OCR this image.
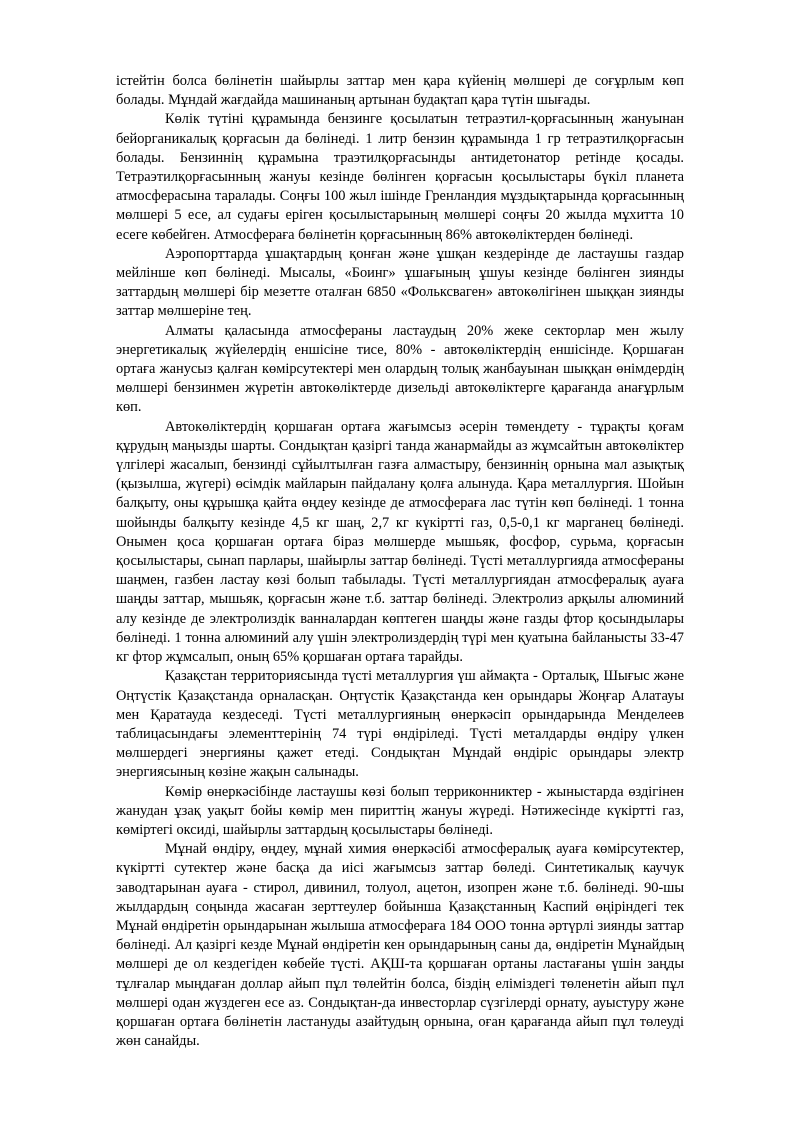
істейтін болса бөлінетін шайырлы заттар мен қара күйенің мөлшері де соғұрлым көп болады. Мұндай жағдайда машинаның артынан будақтап қара түтін шығады.

Көлік түтіні құрамында бензинге қосылатын тетраэтил-қорғасынның жануынан бейорганикалық қорғасын да бөлінеді. 1 литр бензин құрамында 1 гр тетраэтилқорғасын болады. Бензиннің құрамына траэтилқорғасынды антидетонатор ретінде қосады. Тетраэтилқорғасынның жануы кезінде бөлінген қорғасын қосылыстары бүкіл планета атмосферасына таралады. Соңғы 100 жыл ішінде Гренландия мұздықтарында қорғасынның мөлшері 5 есе, ал судағы еріген қосылыстарының мөлшері соңғы 20 жылда мұхитта 10 есеге көбейген. Атмосфераға бөлінетін қорғасынның 86% автокөліктерден бөлінеді.

Аэропорттарда ұшақтардың қонған және ұшқан кездерінде де ластаушы газдар мейлінше көп бөлінеді. Мысалы, «Боинг» ұшағының ұшуы кезінде бөлінген зиянды заттардың мөлшері бір мезетте оталған 6850 «Фольксваген» автокөлігінен шыққан зиянды заттар мөлшеріне тең.

Алматы қаласында атмосфераны ластаудың 20% жеке секторлар мен жылу энергетикалық жүйелердің еншісіне тисе, 80% - автокөліктердің еншісінде. Қоршаған ортаға жанусыз қалған көмірсутектері мен олардың толық жанбауынан шыққан өнімдердің мөлшері бензинмен жүретін автокөліктерде дизельді автокөліктерге қарағанда анағұрлым көп.

Автокөліктердің қоршаған ортаға жағымсыз әсерін төмендету - тұрақты қоғам құрудың маңызды шарты. Сондықтан қазіргі танда жанармайды аз жұмсайтын автокөліктер үлгілері жасалып, бензинді сұйылтылған газға алмастыру, бензиннің орнына мал азықтық (қызылша, жүгері) өсімдік майларын пайдалану қолға алынуда. Қара металлургия. Шойын балқыту, оны құрышқа қайта өңдеу кезінде де атмосфераға лас түтін көп бөлінеді. 1 тонна шойынды балқыту кезінде 4,5 кг шаң, 2,7 кг күкіртті газ, 0,5-0,1 кг марганец бөлінеді. Онымен қоса қоршаған ортаға біраз мөлшерде мышьяк, фосфор, сурьма, қорғасын қосылыстары, сынап парлары, шайырлы заттар бөлінеді. Түсті металлургияда атмосфераны шаңмен, газбен ластау көзі болып табылады. Түсті металлургиядан атмосфералық ауаға шаңды заттар, мышьяк, қорғасын және т.б. заттар бөлінеді. Электролиз арқылы алюминий алу кезінде де электролиздік ванналардан көптеген шаңды және газды фтор қосындылары бөлінеді. 1 тонна алюминий алу үшін электролиздердің түрі мен қуатына байланысты 33-47 кг фтор жұмсалып, оның 65% қоршаған ортаға тарайды.

Қазақстан территориясында түсті металлургия үш аймақта - Орталық, Шығыс және Оңтүстік Қазақстанда орналасқан. Оңтүстік Қазақстанда кен орындары Жоңғар Алатауы мен Қаратауда кездеседі. Түсті металлургияның өнеркәсіп орындарында Менделеев таблицасындағы элементтерінің 74 түрі өндіріледі. Түсті металдарды өндіру үлкен мөлшердегі энергияны қажет етеді. Сондықтан Мұндай өндіріс орындары электр энергиясының көзіне жақын салынады.

Көмір өнеркәсібінде ластаушы көзі болып терриконниктер - жыныстарда өздігінен жанудан ұзақ уақыт бойы көмір мен пириттің жануы жүреді. Нәтижесінде күкіртті газ, көміртегі оксиді, шайырлы заттардың қосылыстары бөлінеді.

Мұнай өндіру, өңдеу, мұнай химия өнеркәсібі атмосфералық ауаға көмірсутектер, күкіртті сутектер және басқа да иісі жағымсыз заттар бөледі. Синтетикалық каучук заводтарынан ауаға - стирол, дивинил, толуол, ацетон, изопрен және т.б. бөлінеді. 90-шы жылдардың соңында жасаған зерттеулер бойынша Қазақстанның Каспий өңіріндегі тек Мұнай өндіретін орындарынан жылыша атмосфераға 184 ООО тонна әртүрлі зиянды заттар бөлінеді. Ал қазіргі кезде Мұнай өндіретін кен орындарының саны да, өндіретін Мұнайдың мөлшері де ол кездегіден көбейе түсті. АҚШ-та қоршаған ортаны ластағаны үшін заңды тұлғалар мыңдаған доллар айып пұл төлейтін болса, біздің еліміздегі төленетін айып пұл мөлшері одан жүздеген есе аз. Сондықтан-да инвесторлар сүзгілерді орнату, ауыстуру және қоршаған ортаға бөлінетін ластануды азайтудың орнына, оған қарағанда айып пұл төлеуді жөн санайды.
